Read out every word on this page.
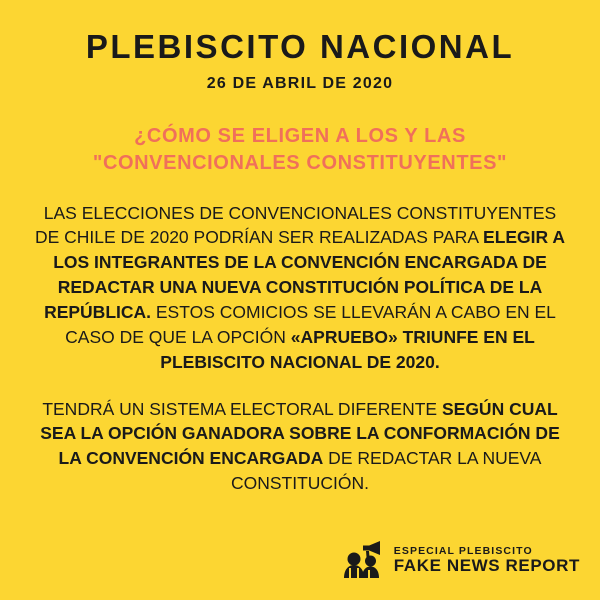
PLEBISCITO NACIONAL
26 DE ABRIL DE 2020
¿CÓMO SE ELIGEN A LOS Y LAS
"CONVENCIONALES CONSTITUYENTES"
LAS ELECCIONES DE CONVENCIONALES CONSTITUYENTES DE CHILE DE 2020 PODRÍAN SER REALIZADAS PARA ELEGIR A LOS INTEGRANTES DE LA CONVENCIÓN ENCARGADA DE REDACTAR UNA NUEVA CONSTITUCIÓN POLÍTICA DE LA REPÚBLICA. ESTOS COMICIOS SE LLEVARÁN A CABO EN EL CASO DE QUE LA OPCIÓN «APRUEBO» TRIUNFE EN EL PLEBISCITO NACIONAL DE 2020.
TENDRÁ UN SISTEMA ELECTORAL DIFERENTE SEGÚN CUAL SEA LA OPCIÓN GANADORA SOBRE LA CONFORMACIÓN DE LA CONVENCIÓN ENCARGADA DE REDACTAR LA NUEVA CONSTITUCIÓN.
ESPECIAL PLEBISCITO
FAKE NEWS REPORT
